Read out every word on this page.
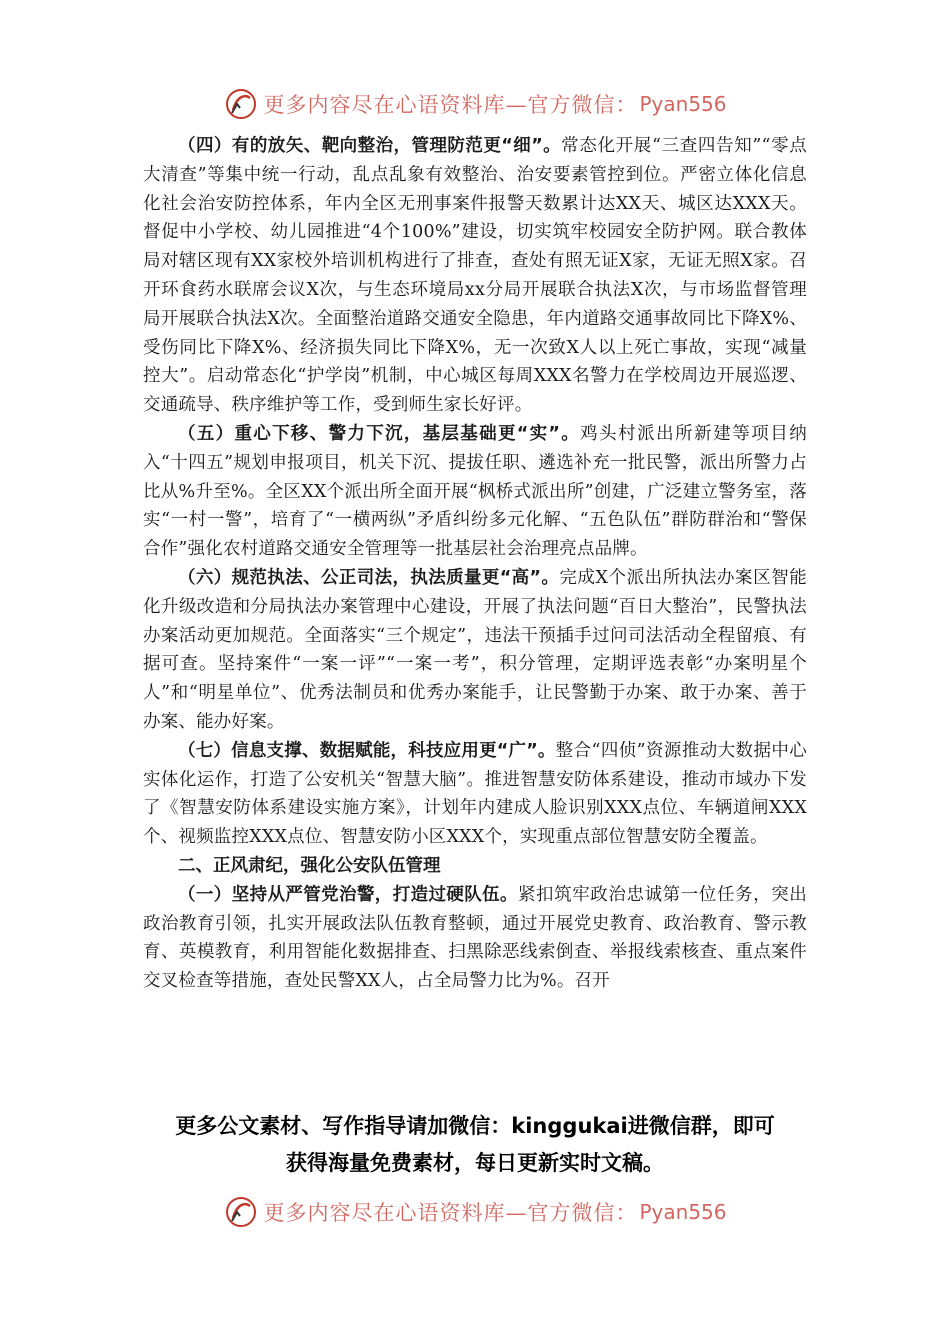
更多内容尽在心语资料库—官方微信： Pyan556

（四）有的放矢、靶向整治，管理防范更“细”。常态化开展“三查四告知”“零点大清查”等集中统一行动，乱点乱象有效整治、治安要素管控到位。严密立体化信息化社会治安防控体系，年内全区无刑事案件报警天数累计达XX天、城区达XXX天。督促中小学校、幼儿园推进“4个100%”建设，切实筑牢校园安全防护网。联合教体局对辖区现有XX家校外培训机构进行了排查，查处有照无证X家，无证无照X家。召开环食药水联席会议X次，与生态环境局xx分局开展联合执法X次，与市场监督管理局开展联合执法X次。全面整治道路交通安全隐患，年内道路交通事故同比下降X%、受伤同比下降X%、经济损失同比下降X%，无一次致X人以上死亡事故，实现“减量控大”。启动常态化“护学岗”机制，中心城区每周XXX名警力在学校周边开展巡逻、交通疏导、秩序维护等工作，受到师生家长好评。

（五）重心下移、警力下沉，基层基础更“实”。鸡头村派出所新建等项目纳入“十四五”规划申报项目，机关下沉、提拔任职、遴选补充一批民警，派出所警力占比从%升至%。全区XX个派出所全面开展“枫桥式派出所”创建，广泛建立警务室，落实“一村一警”，培育了“一横两纵”矛盾纠纷多元化解、“五色队伍”群防群治和“警保合作”强化农村道路交通安全管理等一批基层社会治理亮点品牌。

（六）规范执法、公正司法，执法质量更“高”。完成X个派出所执法办案区智能化升级改造和分局执法办案管理中心建设，开展了执法问题“百日大整治”，民警执法办案活动更加规范。全面落实“三个规定”，违法干预插手过问司法活动全程留痕、有据可查。坚持案件“一案一评”“一案一考”，积分管理，定期评选表彰“办案明星个人”和“明星单位”、优秀法制员和优秀办案能手，让民警勤于办案、敢于办案、善于办案、能办好案。

（七）信息支撑、数据赋能，科技应用更“广”。整合“四侦”资源推动大数据中心实体化运作，打造了公安机关“智慧大脑”。推进智慧安防体系建设，推动市域办下发了《智慧安防体系建设实施方案》，计划年内建成人脸识别XXX点位、车辆道闸XXX个、视频监控XXX点位、智慧安防小区XXX个，实现重点部位智慧安防全覆盖。

二、正风肃纪，强化公安队伍管理

（一）坚持从严管党治警，打造过硬队伍。紧扣筑牢政治忠诚第一位任务，突出政治教育引领，扎实开展政法队伍教育整顿，通过开展党史教育、政治教育、警示教育、英模教育，利用智能化数据排查、扫黑除恶线索倒查、举报线索核查、重点案件交叉检查等措施，查处民警XX人，占全局警力比为%。召开

更多公文素材、写作指导请加微信：kinggukai进微信群，即可
获得海量免费素材，每日更新实时文稿。
更多内容尽在心语资料库—官方微信： Pyan556
